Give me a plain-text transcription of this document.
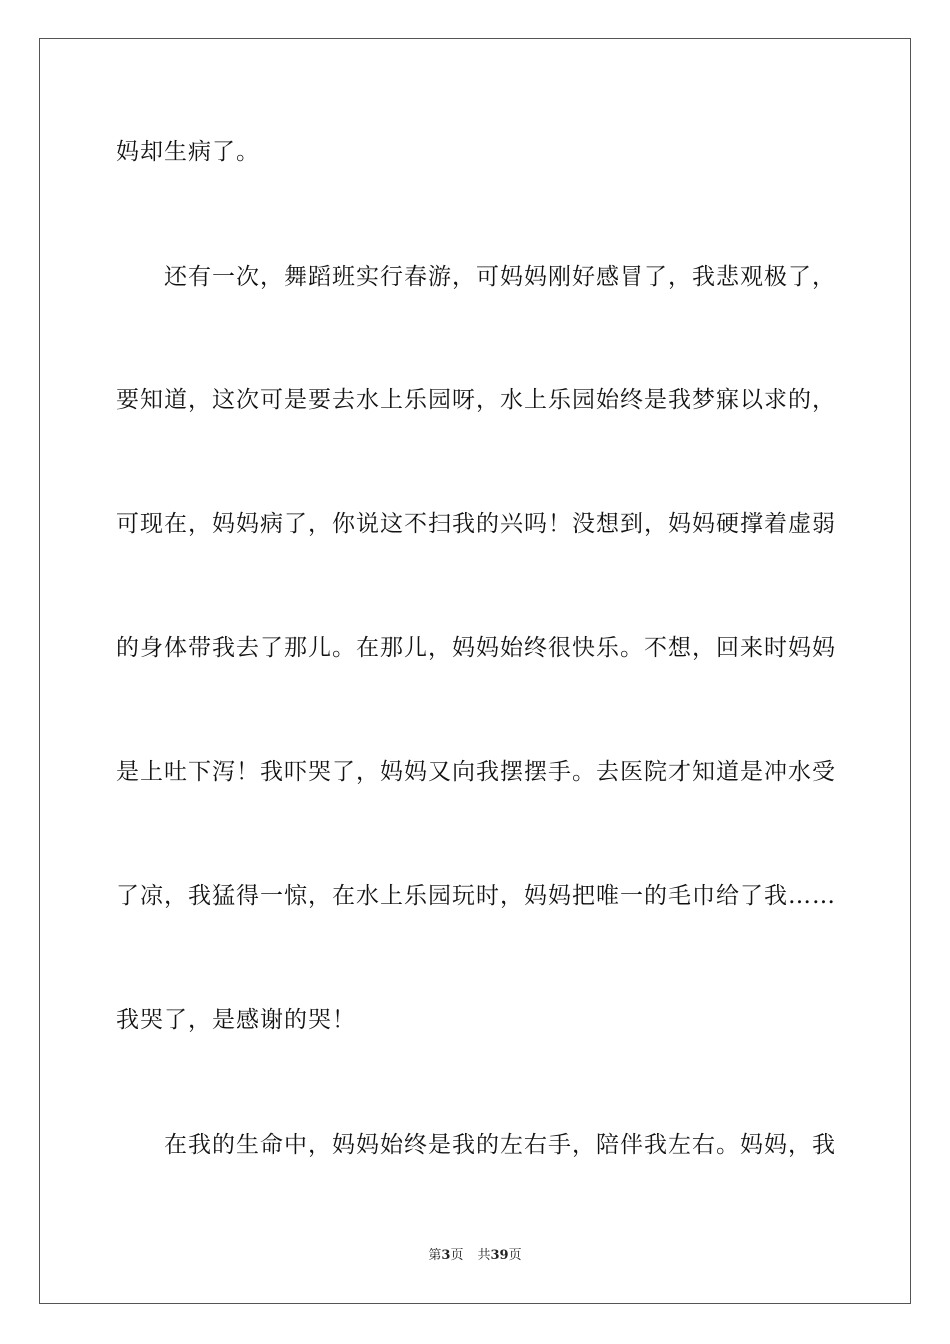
妈却生病了。
还有一次，舞蹈班实行春游，可妈妈刚好感冒了，我悲观极了，
要知道，这次可是要去水上乐园呀，水上乐园始终是我梦寐以求的，
可现在，妈妈病了，你说这不扫我的兴吗！没想到，妈妈硬撑着虚弱
的身体带我去了那儿。在那儿，妈妈始终很快乐。不想，回来时妈妈
是上吐下泻！我吓哭了，妈妈又向我摆摆手。去医院才知道是冲水受
了凉，我猛得一惊，在水上乐园玩时，妈妈把唯一的毛巾给了我……
我哭了，是感谢的哭！
在我的生命中，妈妈始终是我的左右手，陪伴我左右。妈妈，我
第3页 共39页
